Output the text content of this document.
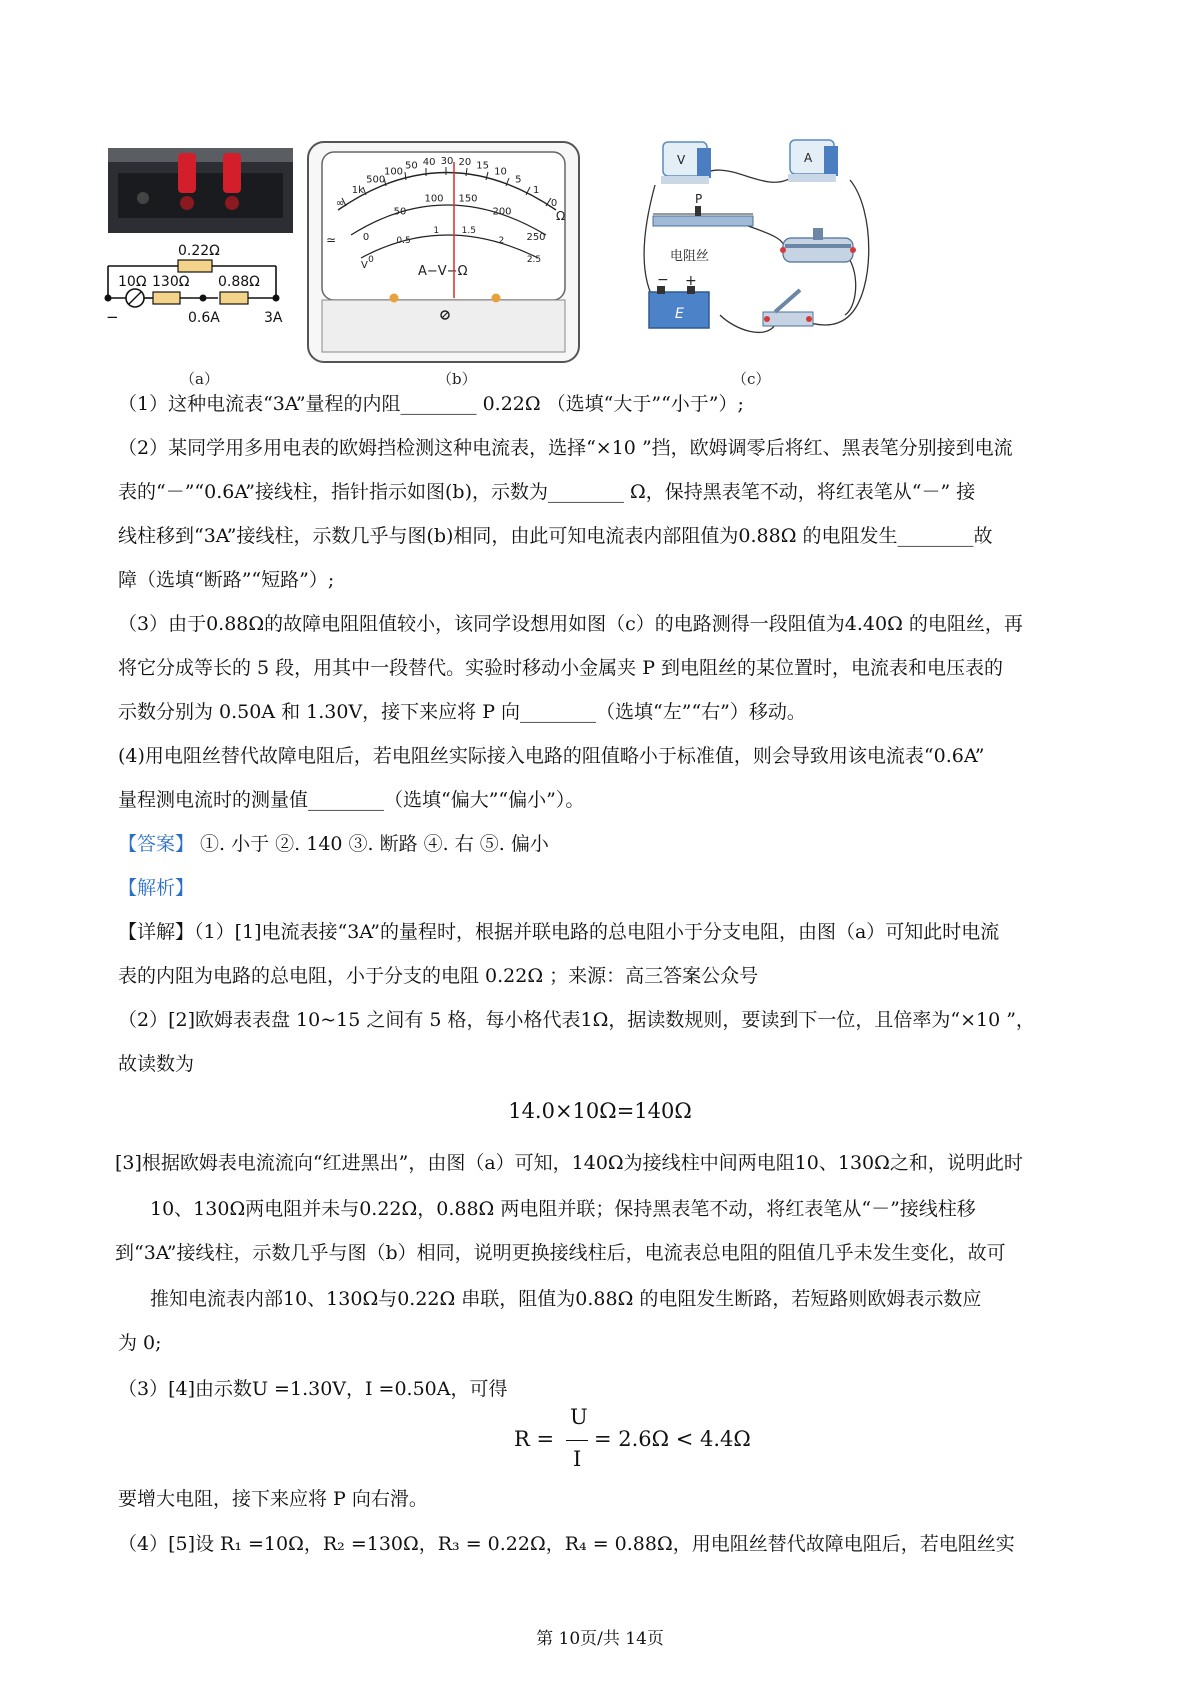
0.22Ω
10Ω 130Ω 0.88Ω
−	0.6A	3A
（a）
Ω
≃
V	A−V−Ω
∞
1k
500
100
50 40 30 20 15
10
5
1
0
0
50
100 150
200
250
0
0.5
1	1.5
2
2.5
（b）
V	A
P
电阻丝
E
− +
（c）
（1）这种电流表“3A”量程的内阻________ 0.22Ω （选填“大于”“小于”）;
（2）某同学用多用电表的欧姆挡检测这种电流表，选择“×10 ”挡，欧姆调零后将红、黑表笔分别接到电流
表的“－”“0.6A”接线柱，指针指示如图(b)，示数为________ Ω，保持黑表笔不动，将红表笔从“－” 接
线柱移到“3A”接线柱，示数几乎与图(b)相同，由此可知电流表内部阻值为0.88Ω 的电阻发生________故
障（选填“断路”“短路”）;
（3）由于0.88Ω的故障电阻阻值较小，该同学设想用如图（c）的电路测得一段阻值为4.40Ω 的电阻丝，再
将它分成等长的 5 段，用其中一段替代。实验时移动小金属夹 P 到电阻丝的某位置时，电流表和电压表的
示数分别为 0.50A 和 1.30V，接下来应将 P 向________（选填“左”“右”）移动。
(4)用电阻丝替代故障电阻后，若电阻丝实际接入电路的阻值略小于标准值，则会导致用该电流表“0.6A”
量程测电流时的测量值________（选填“偏大”“偏小”）。
【答案】 ①. 小于 ②. 140 ③. 断路 ④. 右 ⑤. 偏小
【解析】
【详解】（1）[1]电流表接“3A”的量程时，根据并联电路的总电阻小于分支电阻，由图（a）可知此时电流
表的内阻为电路的总电阻，小于分支的电阻 0.22Ω ；来源：高三答案公众号
（2）[2]欧姆表表盘 10~15 之间有 5 格，每小格代表1Ω，据读数规则，要读到下一位，且倍率为“×10 ”，
故读数为
14.0×10Ω=140Ω
[3]根据欧姆表电流流向“红进黑出”，由图（a）可知，140Ω为接线柱中间两电阻10、130Ω之和，说明此时
10、130Ω两电阻并未与0.22Ω，0.88Ω 两电阻并联；保持黑表笔不动，将红表笔从“－”接线柱移
到“3A”接线柱，示数几乎与图（b）相同，说明更换接线柱后，电流表总电阻的阻值几乎未发生变化，故可
推知电流表内部10、130Ω与0.22Ω 串联，阻值为0.88Ω 的电阻发生断路，若短路则欧姆表示数应
为 0;
（3）[4]由示数U =1.30V，I =0.50A，可得
R =
U
I
= 2.6Ω < 4.4Ω
要增大电阻，接下来应将 P 向右滑。
（4）[5]设 R₁ =10Ω，R₂ =130Ω，R₃ = 0.22Ω，R₄ = 0.88Ω，用电阻丝替代故障电阻后，若电阻丝实
第 10页/共 14页
